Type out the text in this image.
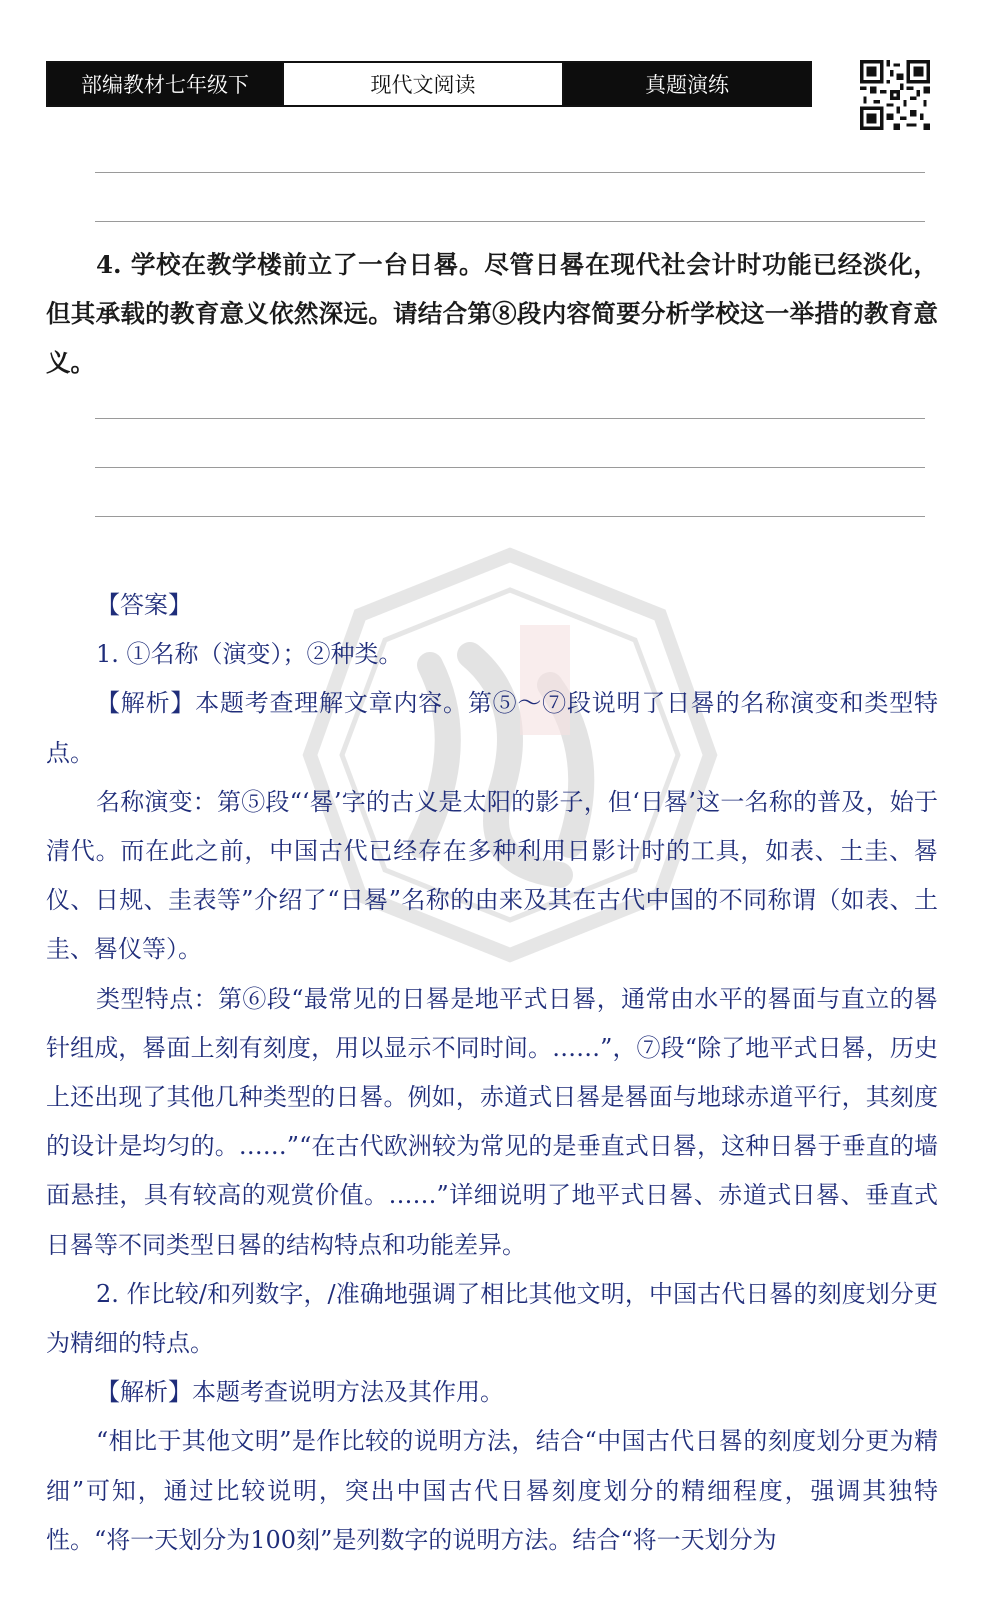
部编教材七年级下	现代文阅读	真题演练

4. 学校在教学楼前立了一台日晷。尽管日晷在现代社会计时功能已经淡化，但其承载的教育意义依然深远。请结合第⑧段内容简要分析学校这一举措的教育意义。

【答案】

1. ①名称（演变）；②种类。

【解析】本题考查理解文章内容。第⑤～⑦段说明了日晷的名称演变和类型特点。

名称演变：第⑤段“‘晷’字的古义是太阳的影子，但‘日晷’这一名称的普及，始于清代。而在此之前，中国古代已经存在多种利用日影计时的工具，如表、土圭、晷仪、日规、圭表等”介绍了“日晷”名称的由来及其在古代中国的不同称谓（如表、土圭、晷仪等）。

类型特点：第⑥段“最常见的日晷是地平式日晷，通常由水平的晷面与直立的晷针组成，晷面上刻有刻度，用以显示不同时间。……”，⑦段“除了地平式日晷，历史上还出现了其他几种类型的日晷。例如，赤道式日晷是晷面与地球赤道平行，其刻度的设计是均匀的。……”“在古代欧洲较为常见的是垂直式日晷，这种日晷于垂直的墙面悬挂，具有较高的观赏价值。……”详细说明了地平式日晷、赤道式日晷、垂直式日晷等不同类型日晷的结构特点和功能差异。

2. 作比较/和列数字，/准确地强调了相比其他文明，中国古代日晷的刻度划分更为精细的特点。

【解析】本题考查说明方法及其作用。

“相比于其他文明”是作比较的说明方法，结合“中国古代日晷的刻度划分更为精细”可知，通过比较说明，突出中国古代日晷刻度划分的精细程度，强调其独特性。“将一天划分为100刻”是列数字的说明方法。结合“将一天划分为
